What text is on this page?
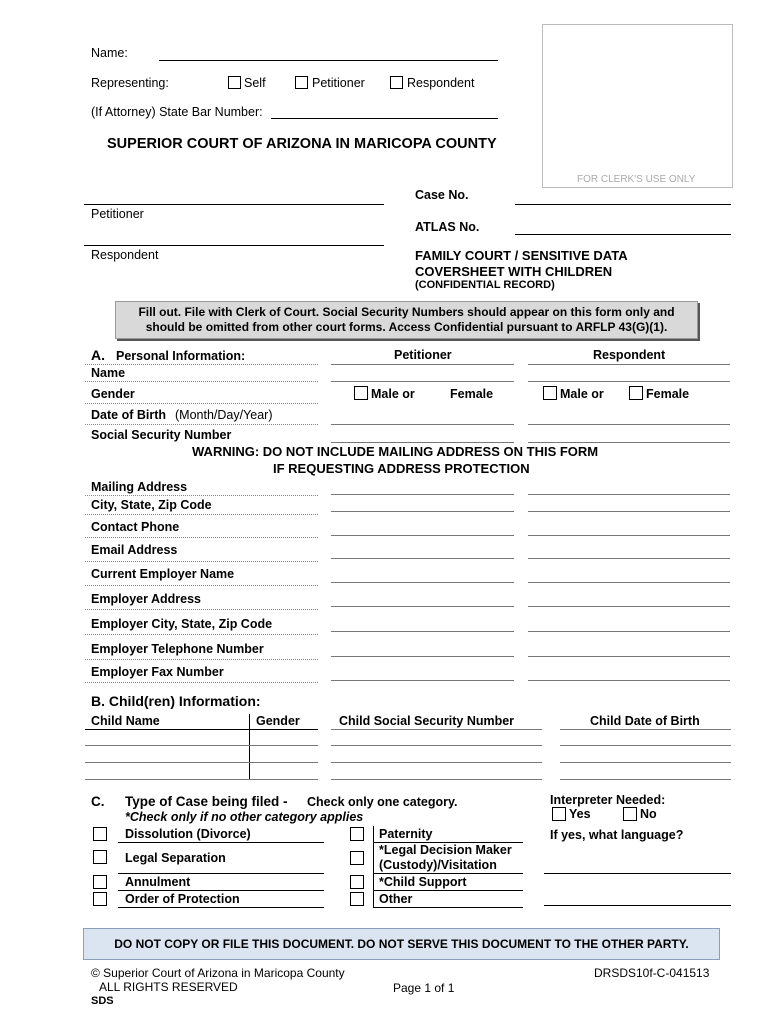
Name:
Representing:	Self	Petitioner	Respondent
(If Attorney) State Bar Number:
SUPERIOR COURT OF ARIZONA IN MARICOPA COUNTY
FOR CLERK'S USE ONLY
Petitioner
Respondent
Case No.
ATLAS No.
FAMILY COURT / SENSITIVE DATA
COVERSHEET WITH CHILDREN
(CONFIDENTIAL RECORD)

Fill out. File with Clerk of Court. Social Security Numbers should appear on this form only and

should be omitted from other court forms. Access Confidential pursuant to ARFLP 43(G)(1).

A. Personal Information:	Petitioner	Respondent
Name
Gender	Male or	Female	Male or	Female
Date of Birth (Month/Day/Year)
Social Security Number
WARNING: DO NOT INCLUDE MAILING ADDRESS ON THIS FORM
IF REQUESTING ADDRESS PROTECTION
Mailing Address
City, State, Zip Code
Contact Phone
Email Address
Current Employer Name
Employer Address
Employer City, State, Zip Code
Employer Telephone Number
Employer Fax Number
B. Child(ren) Information:
Child Name	Gender	Child Social Security Number	Child Date of Birth
C. Type of Case being filed - Check only one category.
*Check only if no other category applies
Dissolution (Divorce)
Legal Separation
Annulment
Order of Protection
Paternity
*Legal Decision Maker
(Custody)/Visitation
*Child Support
Other
Interpreter Needed:
Yes	No
If yes, what language?

DO NOT COPY OR FILE THIS DOCUMENT. DO NOT SERVE THIS DOCUMENT TO THE OTHER PARTY.

© Superior Court of Arizona in Maricopa County
ALL RIGHTS RESERVED
SDS
Page 1 of 1
DRSDS10f-C-041513
